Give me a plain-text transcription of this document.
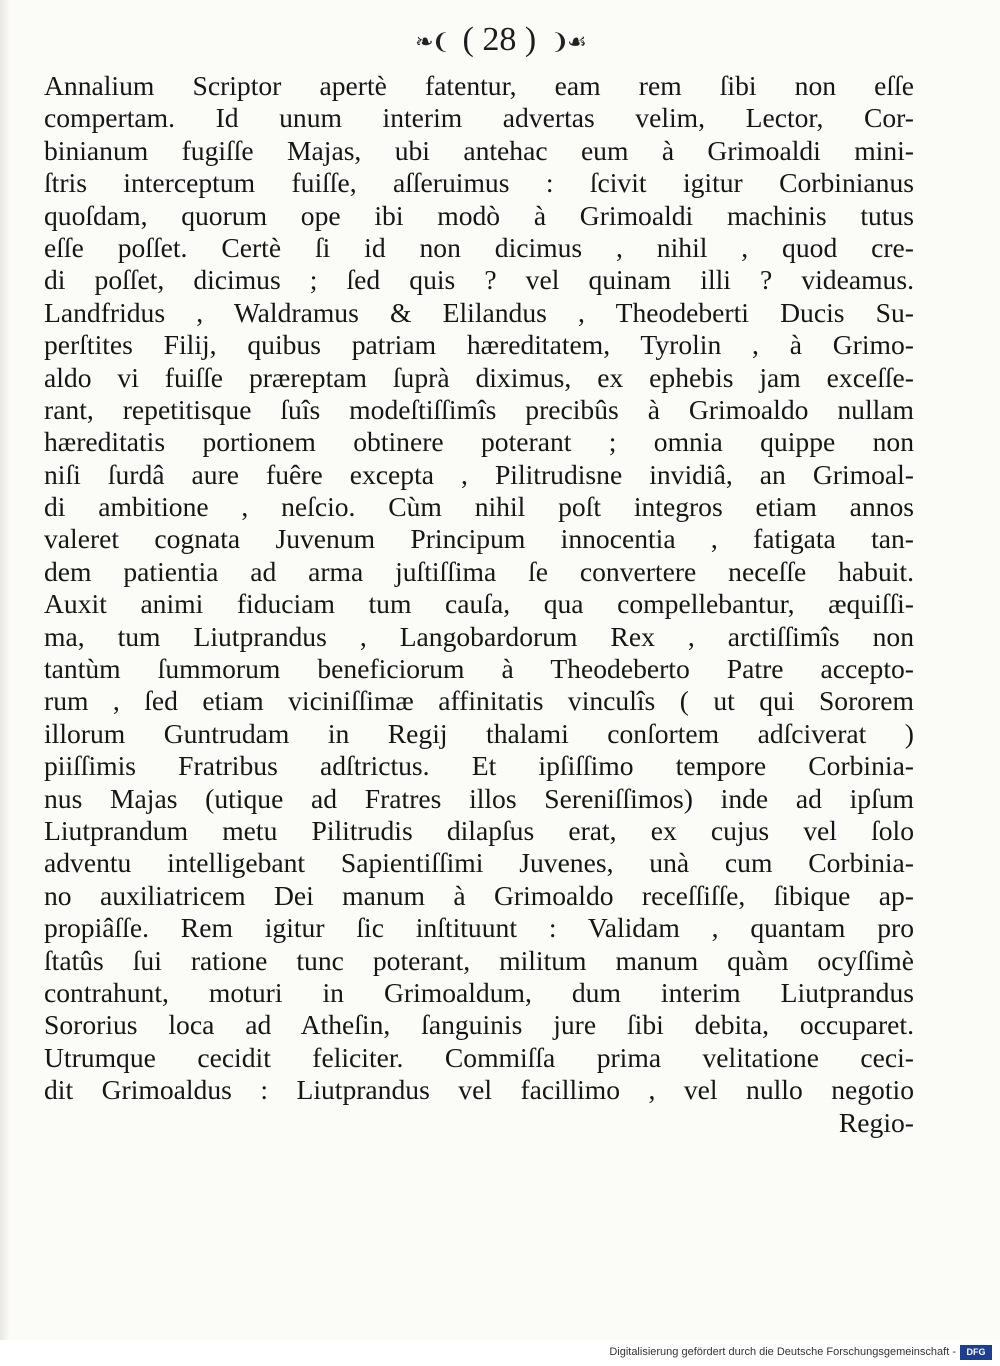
❧❨ ( 28 ) ❩☙
Annalium Scriptor apertè fatentur, eam rem ſibi non eſſe
compertam. Id unum interim advertas velim, Lector, Cor-
binianum fugiſſe Majas, ubi antehac eum à Grimoaldi mini-
ſtris interceptum fuiſſe, aſſeruimus : ſcivit igitur Corbinianus
quoſdam, quorum ope ibi modò à Grimoaldi machinis tutus
eſſe poſſet. Certè ſi id non dicimus , nihil , quod cre-
di poſſet, dicimus ; ſed quis ? vel quinam illi ? videamus.
Landfridus , Waldramus & Elilandus , Theodeberti Ducis Su-
perſtites Filij, quibus patriam hæreditatem, Tyrolin , à Grimo-
aldo vi fuiſſe præreptam ſuprà diximus, ex ephebis jam exceſſe-
rant, repetitisque ſuîs modeſtiſſimîs precibûs à Grimoaldo nullam
hæreditatis portionem obtinere poterant ; omnia quippe non
niſi ſurdâ aure fuêre excepta , Pilitrudisne invidiâ, an Grimoal-
di ambitione , neſcio. Cùm nihil poſt integros etiam annos
valeret cognata Juvenum Principum innocentia , fatigata tan-
dem patientia ad arma juſtiſſima ſe convertere neceſſe habuit.
Auxit animi fiduciam tum cauſa, qua compellebantur, æquiſſi-
ma, tum Liutprandus , Langobardorum Rex , arctiſſimîs non
tantùm ſummorum beneficiorum à Theodeberto Patre accepto-
rum , ſed etiam viciniſſimæ affinitatis vinculîs ( ut qui Sororem
illorum Guntrudam in Regij thalami conſortem adſciverat )
piiſſimis Fratribus adſtrictus. Et ipſiſſimo tempore Corbinia-
nus Majas (utique ad Fratres illos Sereniſſimos) inde ad ipſum
Liutprandum metu Pilitrudis dilapſus erat, ex cujus vel ſolo
adventu intelligebant Sapientiſſimi Juvenes, unà cum Corbinia-
no auxiliatricem Dei manum à Grimoaldo receſſiſſe, ſibique ap-
propiâſſe. Rem igitur ſic inſtituunt : Validam , quantam pro
ſtatûs ſui ratione tunc poterant, militum manum quàm ocyſſimè
contrahunt, moturi in Grimoaldum, dum interim Liutprandus
Sororius loca ad Atheſin, ſanguinis jure ſibi debita, occuparet.
Utrumque cecidit feliciter. Commiſſa prima velitatione ceci-
dit Grimoaldus : Liutprandus vel facillimo , vel nullo negotio
Regio-
Digitalisierung gefördert durch die Deutsche Forschungsgemeinschaft -	DFG
